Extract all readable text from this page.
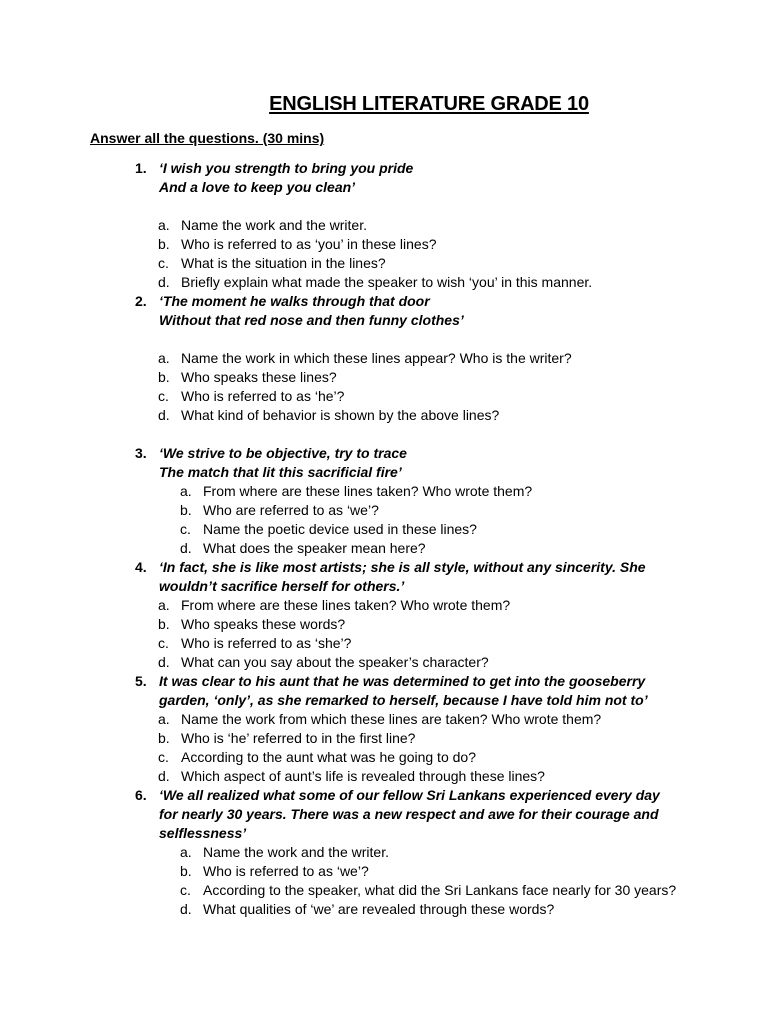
ENGLISH LITERATURE GRADE 10
Answer all the questions. (30 mins)
1. ‘I wish you strength to bring you pride
And a love to keep you clean’
a. Name the work and the writer.
b. Who is referred to as ‘you’ in these lines?
c. What is the situation in the lines?
d. Briefly explain what made the speaker to wish ‘you’ in this manner.
2. ‘The moment he walks through that door
Without that red nose and then funny clothes’
a. Name the work in which these lines appear? Who is the writer?
b. Who speaks these lines?
c. Who is referred to as ‘he’?
d. What kind of behavior is shown by the above lines?
3. ‘We strive to be objective, try to trace
The match that lit this sacrificial fire’
a. From where are these lines taken? Who wrote them?
b. Who are referred to as ‘we’?
c. Name the poetic device used in these lines?
d. What does the speaker mean here?
4. ‘In fact, she is like most artists; she is all style, without any sincerity. She wouldn’t sacrifice herself for others.’
a. From where are these lines taken? Who wrote them?
b. Who speaks these words?
c. Who is referred to as ‘she’?
d. What can you say about the speaker’s character?
5. It was clear to his aunt that he was determined to get into the gooseberry garden, ‘only’, as she remarked to herself, because I have told him not to’
a. Name the work from which these lines are taken? Who wrote them?
b. Who is ‘he’ referred to in the first line?
c. According to the aunt what was he going to do?
d. Which aspect of aunt’s life is revealed through these lines?
6. ‘We all realized what some of our fellow Sri Lankans experienced every day for nearly 30 years. There was a new respect and awe for their courage and selflessness’
a. Name the work and the writer.
b. Who is referred to as ‘we’?
c. According to the speaker, what did the Sri Lankans face nearly for 30 years?
d. What qualities of ‘we’ are revealed through these words?
